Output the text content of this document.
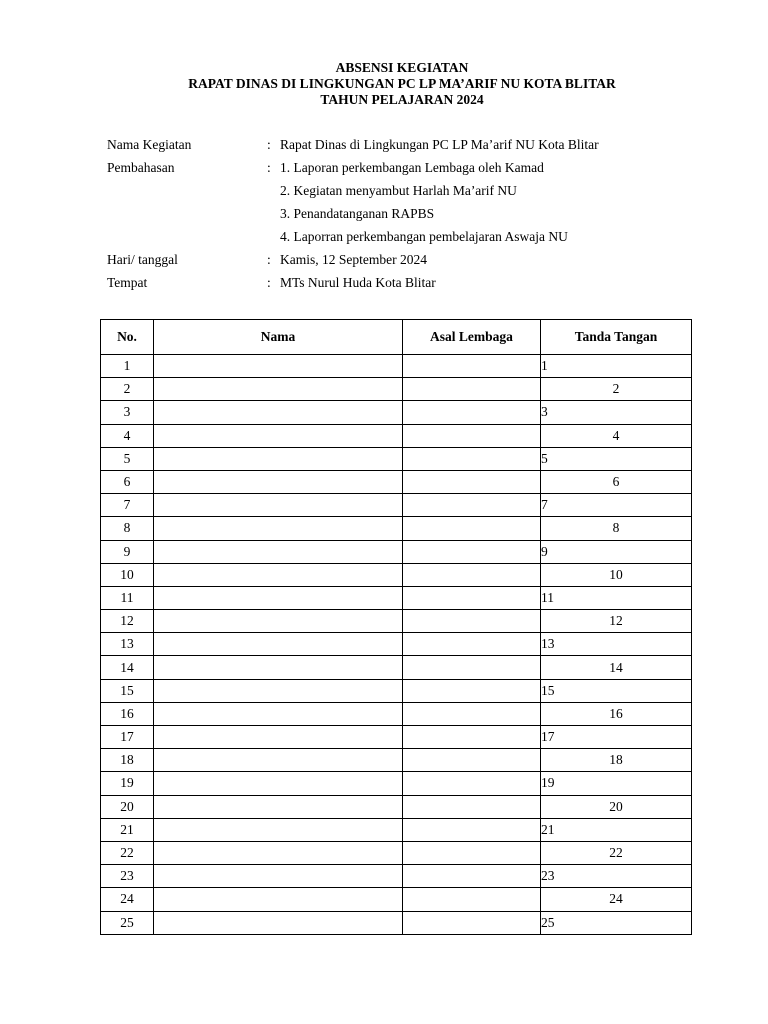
ABSENSI KEGIATAN
RAPAT DINAS DI LINGKUNGAN PC LP MA’ARIF NU KOTA BLITAR
TAHUN PELAJARAN 2024
Nama Kegiatan	: Rapat Dinas di Lingkungan PC LP Ma’arif NU Kota Blitar
Pembahasan	: 1. Laporan perkembangan Lembaga oleh Kamad
2. Kegiatan menyambut Harlah Ma’arif NU
3. Penandatanganan RAPBS
4. Laporran perkembangan pembelajaran Aswaja NU
Hari/ tanggal	: Kamis, 12 September 2024
Tempat	: MTs Nurul Huda Kota Blitar
No.	Nama	Asal Lembaga	Tanda Tangan
1			1
2			2
3			3
4			4
5			5
6			6
7			7
8			8
9			9
10			10
11			11
12			12
13			13
14			14
15			15
16			16
17			17
18			18
19			19
20			20
21			21
22			22
23			23
24			24
25			25
